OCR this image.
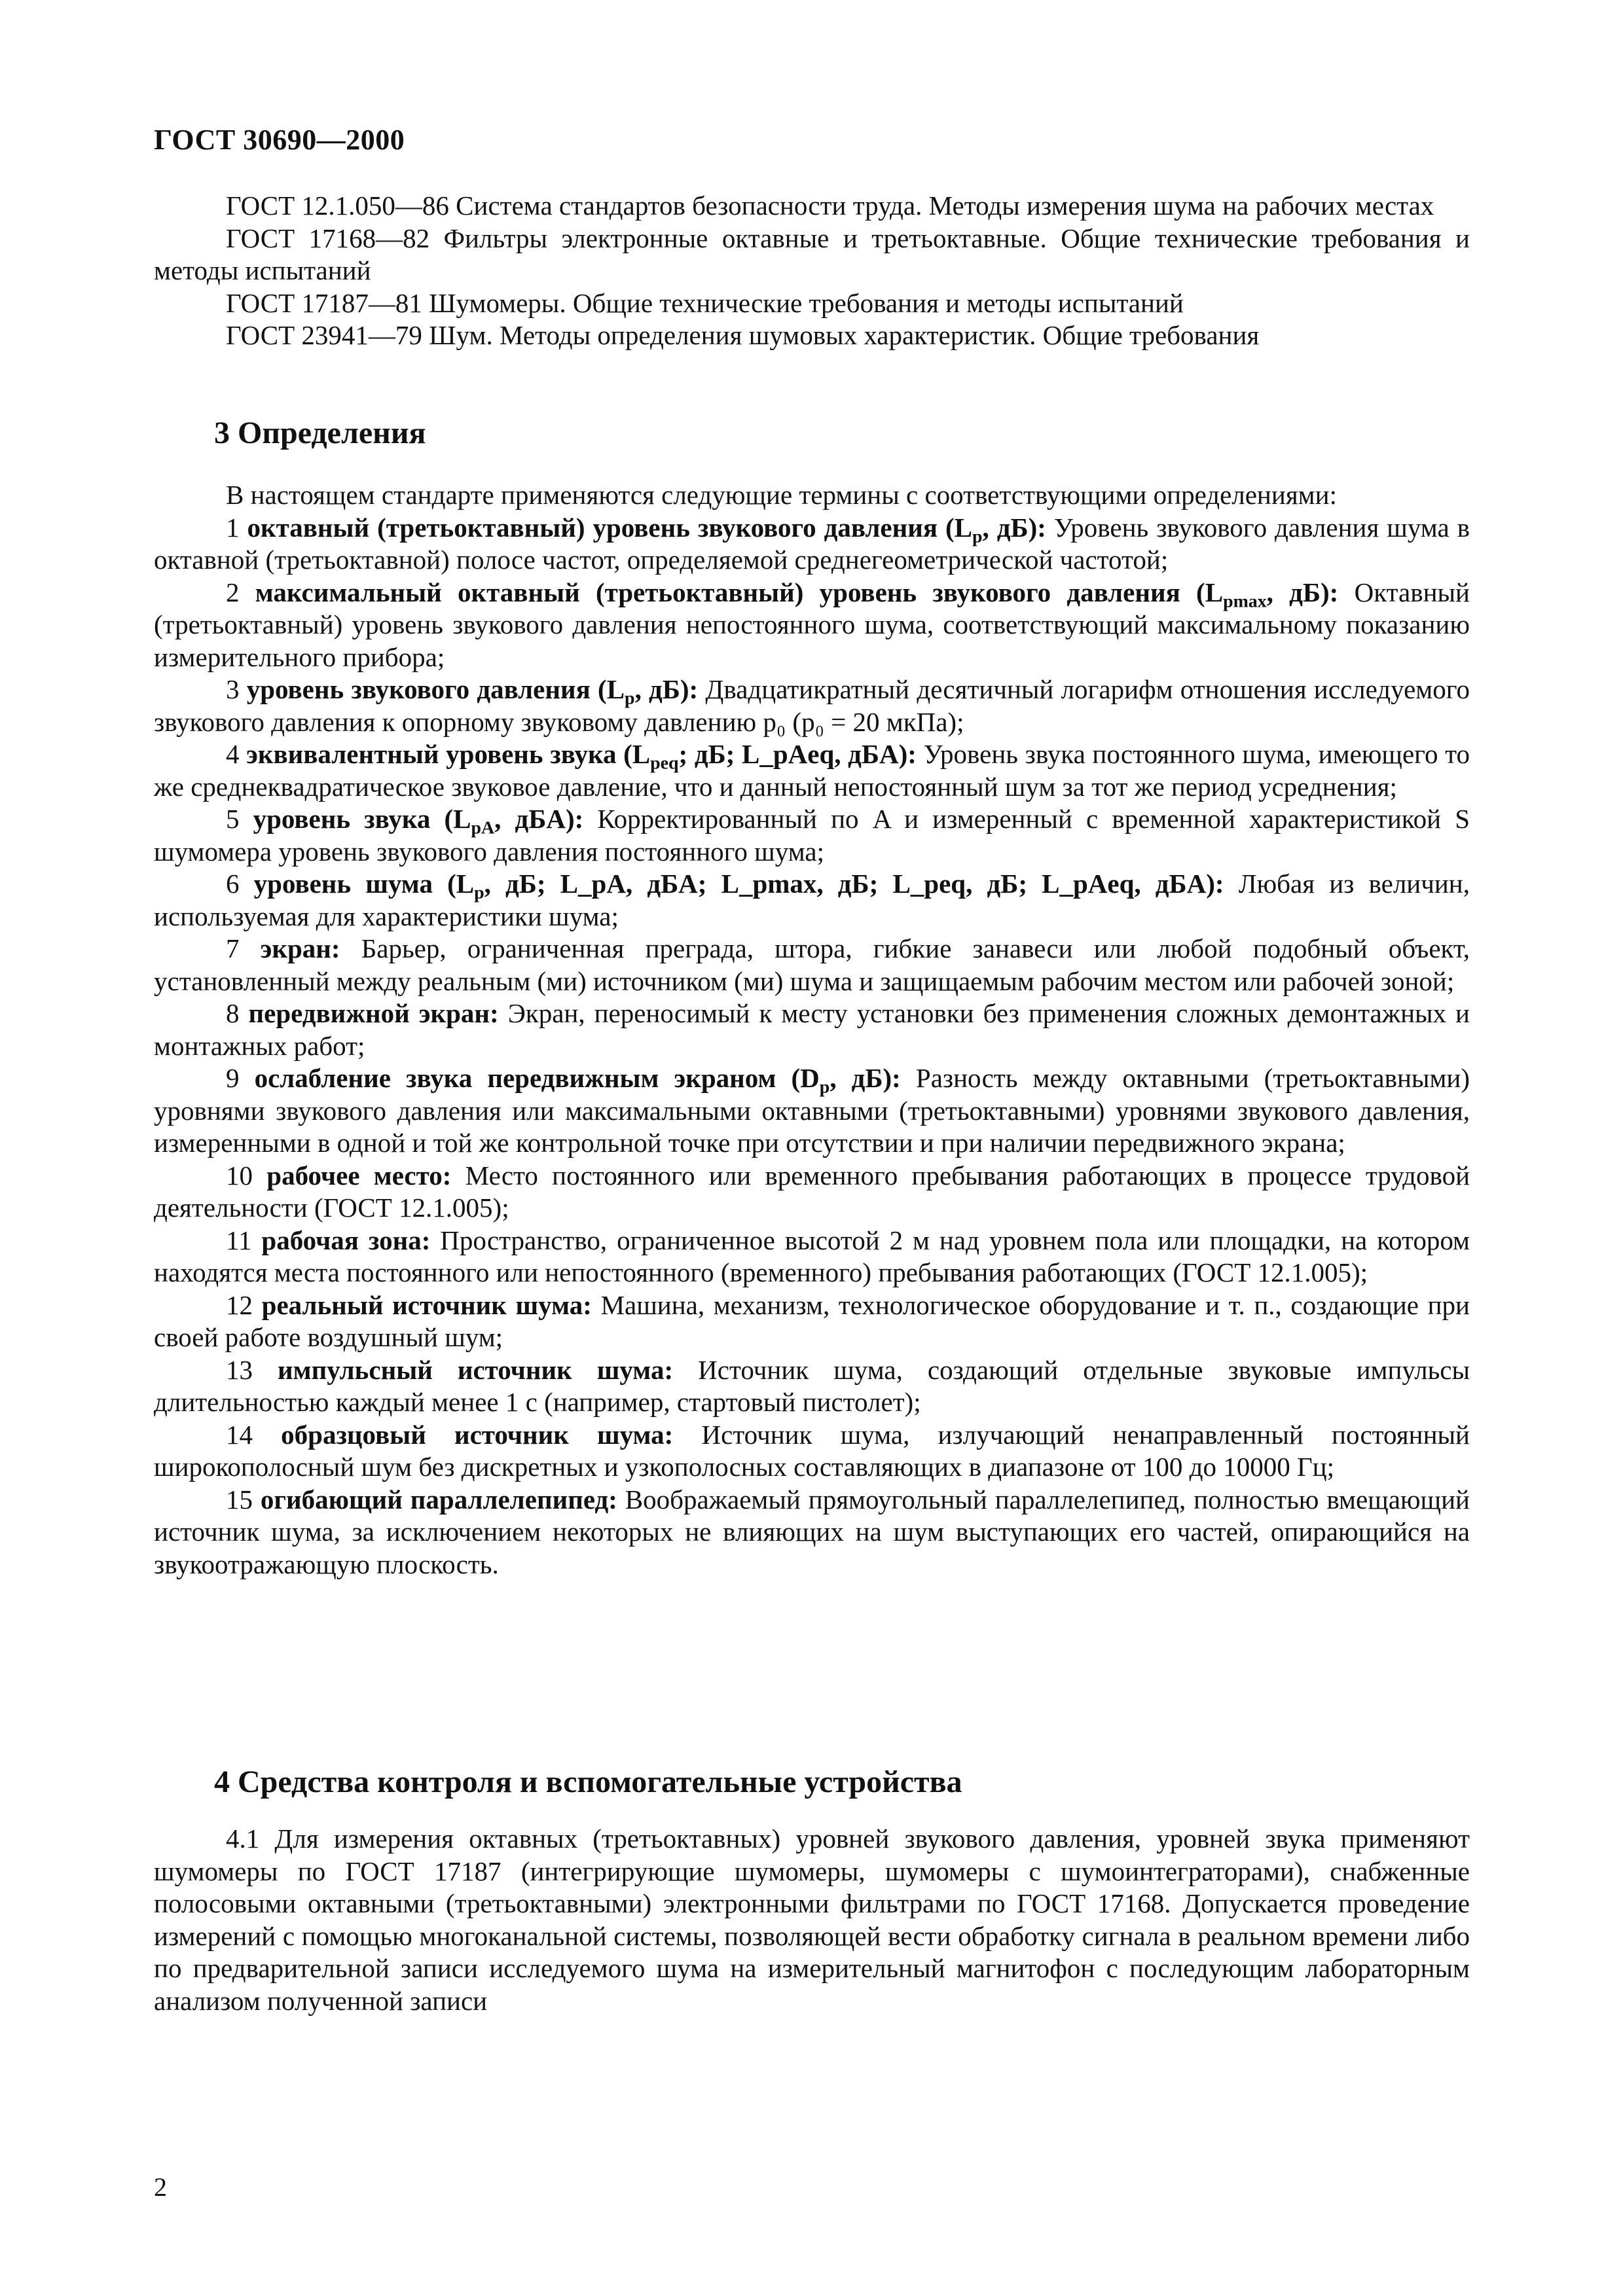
ГОСТ 30690—2000

ГОСТ 12.1.050—86 Система стандартов безопасности труда. Методы измерения шума на рабочих местах

ГОСТ 17168—82 Фильтры электронные октавные и третьоктавные. Общие технические требования и методы испытаний

ГОСТ 17187—81 Шумомеры. Общие технические требования и методы испытаний

ГОСТ 23941—79 Шум. Методы определения шумовых характеристик. Общие требования

3 Определения

В настоящем стандарте применяются следующие термины с соответствующими определениями:

1 октавный (третьоктавный) уровень звукового давления ($L_p$, дБ): Уровень звукового давления шума в октавной (третьоктавной) полосе частот, определяемой среднегеометрической частотой;

2 максимальный октавный (третьоктавный) уровень звукового давления ($L_{pmax}$, дБ): Октавный (третьоктавный) уровень звукового давления непостоянного шума, соответствующий максимальному показанию измерительного прибора;

3 уровень звукового давления ($L_p$, дБ): Двадцатикратный десятичный логарифм отношения исследуемого звукового давления к опорному звуковому давлению p₀ (p₀ = 20 мкПа);

4 эквивалентный уровень звука ($L_{peq}$; дБ; L_pAeq, дБA): Уровень звука постоянного шума, имеющего то же среднеквадратическое звуковое давление, что и данный непостоянный шум за тот же период усреднения;

5 уровень звука ($L_{pA}$, дБA): Корректированный по A и измеренный с временной характеристикой S шумомера уровень звукового давления постоянного шума;

6 уровень шума ($L_p$, дБ; L_pA, дБA; L_pmax, дБ; L_peq, дБ; L_pAeq, дБA): Любая из величин, используемая для характеристики шума;

7 экран: Барьер, ограниченная преграда, штора, гибкие занавеси или любой подобный объект, установленный между реальным (ми) источником (ми) шума и защищаемым рабочим местом или рабочей зоной;

8 передвижной экран: Экран, переносимый к месту установки без применения сложных демонтажных и монтажных работ;

9 ослабление звука передвижным экраном ($D_p$, дБ): Разность между октавными (третьоктавными) уровнями звукового давления или максимальными октавными (третьоктавными) уровнями звукового давления, измеренными в одной и той же контрольной точке при отсутствии и при наличии передвижного экрана;

10 рабочее место: Место постоянного или временного пребывания работающих в процессе трудовой деятельности (ГОСТ 12.1.005);

11 рабочая зона: Пространство, ограниченное высотой 2 м над уровнем пола или площадки, на котором находятся места постоянного или непостоянного (временного) пребывания работающих (ГОСТ 12.1.005);

12 реальный источник шума: Машина, механизм, технологическое оборудование и т. п., создающие при своей работе воздушный шум;

13 импульсный источник шума: Источник шума, создающий отдельные звуковые импульсы длительностью каждый менее 1 с (например, стартовый пистолет);

14 образцовый источник шума: Источник шума, излучающий ненаправленный постоянный широкополосный шум без дискретных и узкополосных составляющих в диапазоне от 100 до 10000 Гц;

15 огибающий параллелепипед: Воображаемый прямоугольный параллелепипед, полностью вмещающий источник шума, за исключением некоторых не влияющих на шум выступающих его частей, опирающийся на звукоотражающую плоскость.

4 Средства контроля и вспомогательные устройства

4.1 Для измерения октавных (третьоктавных) уровней звукового давления, уровней звука применяют шумомеры по ГОСТ 17187 (интегрирующие шумомеры, шумомеры с шумоинтеграторами), снабженные полосовыми октавными (третьоктавными) электронными фильтрами по ГОСТ 17168. Допускается проведение измерений с помощью многоканальной системы, позволяющей вести обработку сигнала в реальном времени либо по предварительной записи исследуемого шума на измерительный магнитофон с последующим лабораторным анализом полученной записи

2
